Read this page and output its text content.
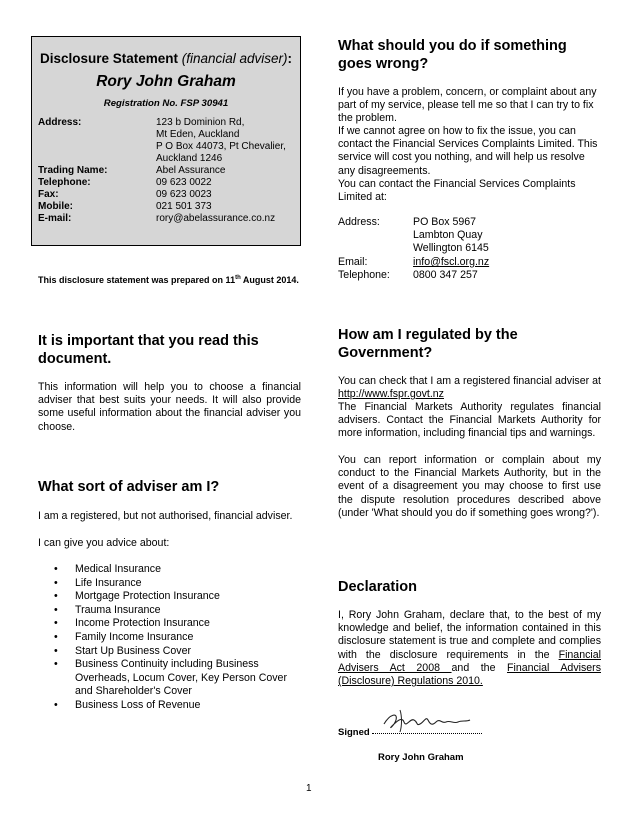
Disclosure Statement (financial adviser):
Rory John Graham
Registration No. FSP 30941
Address:	123 b Dominion Rd,
Mt Eden, Auckland
P O Box 44073, Pt Chevalier,
Auckland 1246
Trading Name:	Abel Assurance
Telephone:	09 623 0022
Fax:	09 623 0023
Mobile:	021 501 373
E-mail:	rory@abelassurance.co.nz
This disclosure statement was prepared on 11th August 2014.
It is important that you read this document.

This information will help you to choose a financial adviser that best suits your needs. It will also provide some useful information about the financial adviser you choose.

What sort of adviser am I?

I am a registered, but not authorised, financial adviser.

I can give you advice about:

• Medical Insurance
• Life Insurance
• Mortgage Protection Insurance
• Trauma Insurance
• Income Protection Insurance
• Family Income Insurance
• Start Up Business Cover
• Business Continuity including Business Overheads, Locum Cover, Key Person Cover and Shareholder's Cover
• Business Loss of Revenue
What should you do if something goes wrong?

If you have a problem, concern, or complaint about any part of my service, please tell me so that I can try to fix the problem.

If we cannot agree on how to fix the issue, you can contact the Financial Services Complaints Limited. This service will cost you nothing, and will help us resolve any disagreements.

You can contact the Financial Services Complaints Limited at:

Address:	PO Box 5967
Lambton Quay
Wellington 6145
Email:	info@fscl.org.nz
Telephone: 0800 347 257
How am I regulated by the Government?

You can check that I am a registered financial adviser at http://www.fspr.govt.nz

The Financial Markets Authority regulates financial advisers. Contact the Financial Markets Authority for more information, including financial tips and warnings.

You can report information or complain about my conduct to the Financial Markets Authority, but in the event of a disagreement you may choose to first use the dispute resolution procedures described above (under 'What should you do if something goes wrong?').

Declaration

I, Rory John Graham, declare that, to the best of my knowledge and belief, the information contained in this disclosure statement is true and complete and complies with the disclosure requirements in the Financial Advisers Act 2008 and the Financial Advisers (Disclosure) Regulations 2010.

Signed
Rory John Graham
1
